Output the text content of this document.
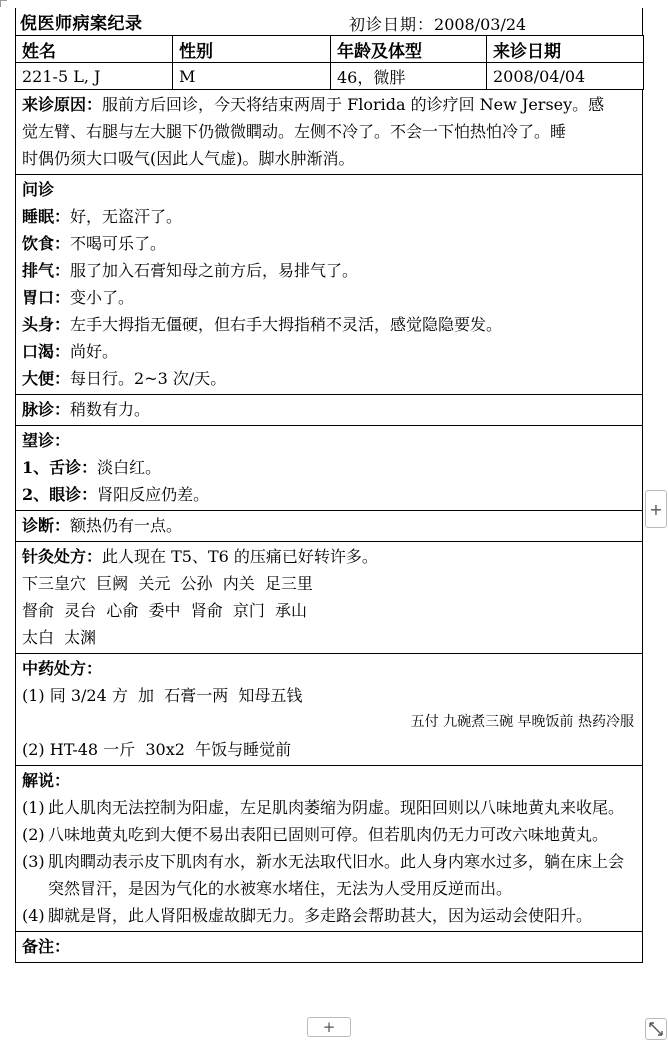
倪医师病案纪录	初诊日期：2008/03/24
姓名	性别	年龄及体型	来诊日期
221-5 L, J	M	46，微胖	2008/04/04
来诊原因：服前方后回诊，今天将结束两周于 Florida 的诊疗回 New Jersey。感
觉左臂、右腿与左大腿下仍微微瞤动。左侧不冷了。不会一下怕热怕冷了。睡
时偶仍须大口吸气(因此人气虚)。脚水肿渐消。
问诊
睡眠：好，无盗汗了。
饮食：不喝可乐了。
排气：服了加入石膏知母之前方后，易排气了。
胃口：变小了。
头身：左手大拇指无僵硬，但右手大拇指稍不灵活，感觉隐隐要发。
口渴：尚好。
大便：每日行。2~3 次/天。
脉诊：稍数有力。
望诊：
1、舌诊：淡白红。
2、眼诊：肾阳反应仍差。
诊断：额热仍有一点。
针灸处方：此人现在 T5、T6 的压痛已好转许多。
下三皇穴  巨阙  关元  公孙  内关  足三里
督俞  灵台  心俞  委中  肾俞  京门  承山
太白  太渊
中药处方：
(1) 同 3/24 方  加  石膏一两  知母五钱
五付 九碗煮三碗 早晚饭前 热药冷服
(2) HT-48 一斤  30x2  午饭与睡觉前
解说：
(1) 此人肌肉无法控制为阳虚，左足肌肉萎缩为阴虚。现阳回则以八味地黄丸来收尾。
(2) 八味地黄丸吃到大便不易出表阳已固则可停。但若肌肉仍无力可改六味地黄丸。
(3) 肌肉瞤动表示皮下肌肉有水，新水无法取代旧水。此人身内寒水过多，躺在床上会突然冒汗，是因为气化的水被寒水堵住，无法为人受用反逆而出。
(4) 脚就是肾，此人肾阳极虚故脚无力。多走路会帮助甚大，因为运动会使阳升。
备注：
+
+
